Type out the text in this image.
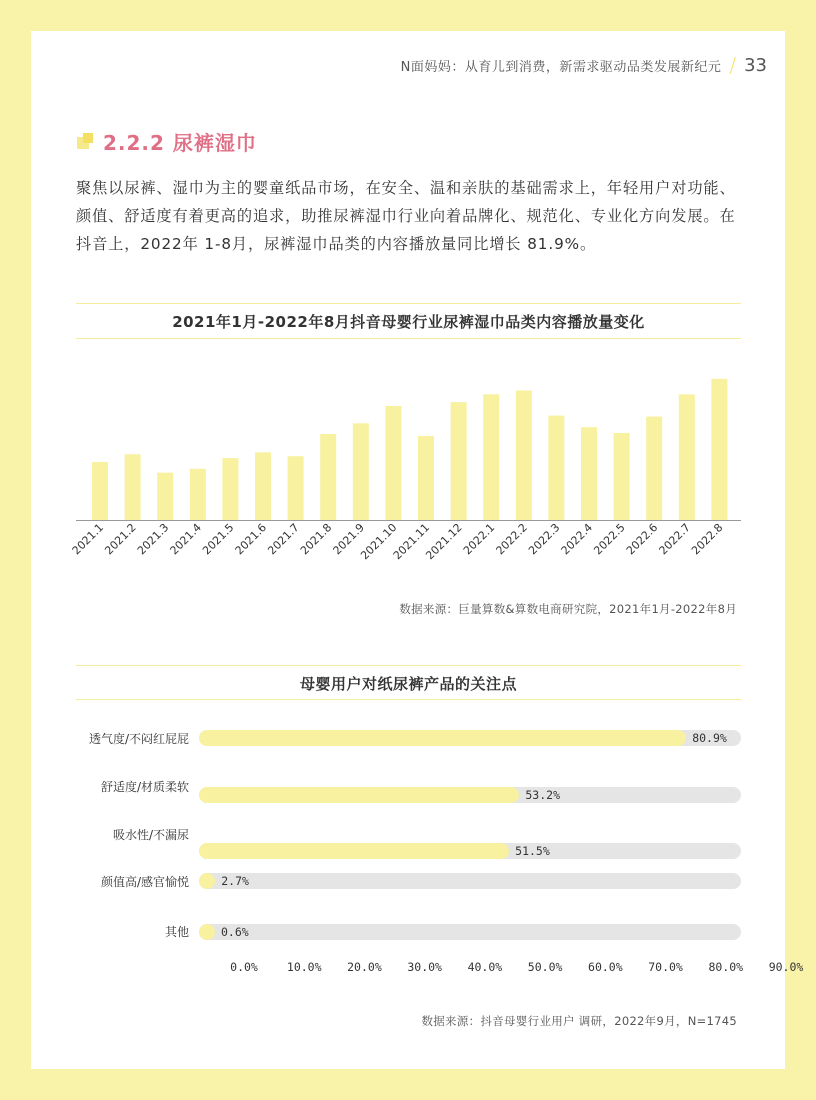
N面妈妈：从育儿到消费，新需求驱动品类发展新纪元 / 33
2.2.2 尿裤湿巾

聚焦以尿裤、湿巾为主的婴童纸品市场，在安全、温和亲肤的基础需求上，年轻用户对功能、颜值、舒适度有着更高的追求，助推尿裤湿巾行业向着品牌化、规范化、专业化方向发展。在抖音上，2022年 1-8月，尿裤湿巾品类的内容播放量同比增长 81.9%。

2021年1月-2022年8月抖音母婴行业尿裤湿巾品类内容播放量变化
2021.1
2021.2
2021.3
2021.4
2021.5
2021.6
2021.7
2021.8
2021.9
2021.10
2021.11
2021.12
2022.1
2022.2
2022.3
2022.4
2022.5
2022.6
2022.7
2022.8
数据来源：巨量算数&算数电商研究院，2021年1月-2022年8月
母婴用户对纸尿裤产品的关注点
透气度/不闷红屁屁	80.9%
舒适度/材质柔软
53.2%
吸水性/不漏尿
51.5%
颜值高/感官愉悦	2.7%
其他	0.6%
0.0%	10.0% 20.0% 30.0% 40.0% 50.0% 60.0% 70.0% 80.0% 90.0%
数据来源：抖音母婴行业用户 调研，2022年9月，N=1745
